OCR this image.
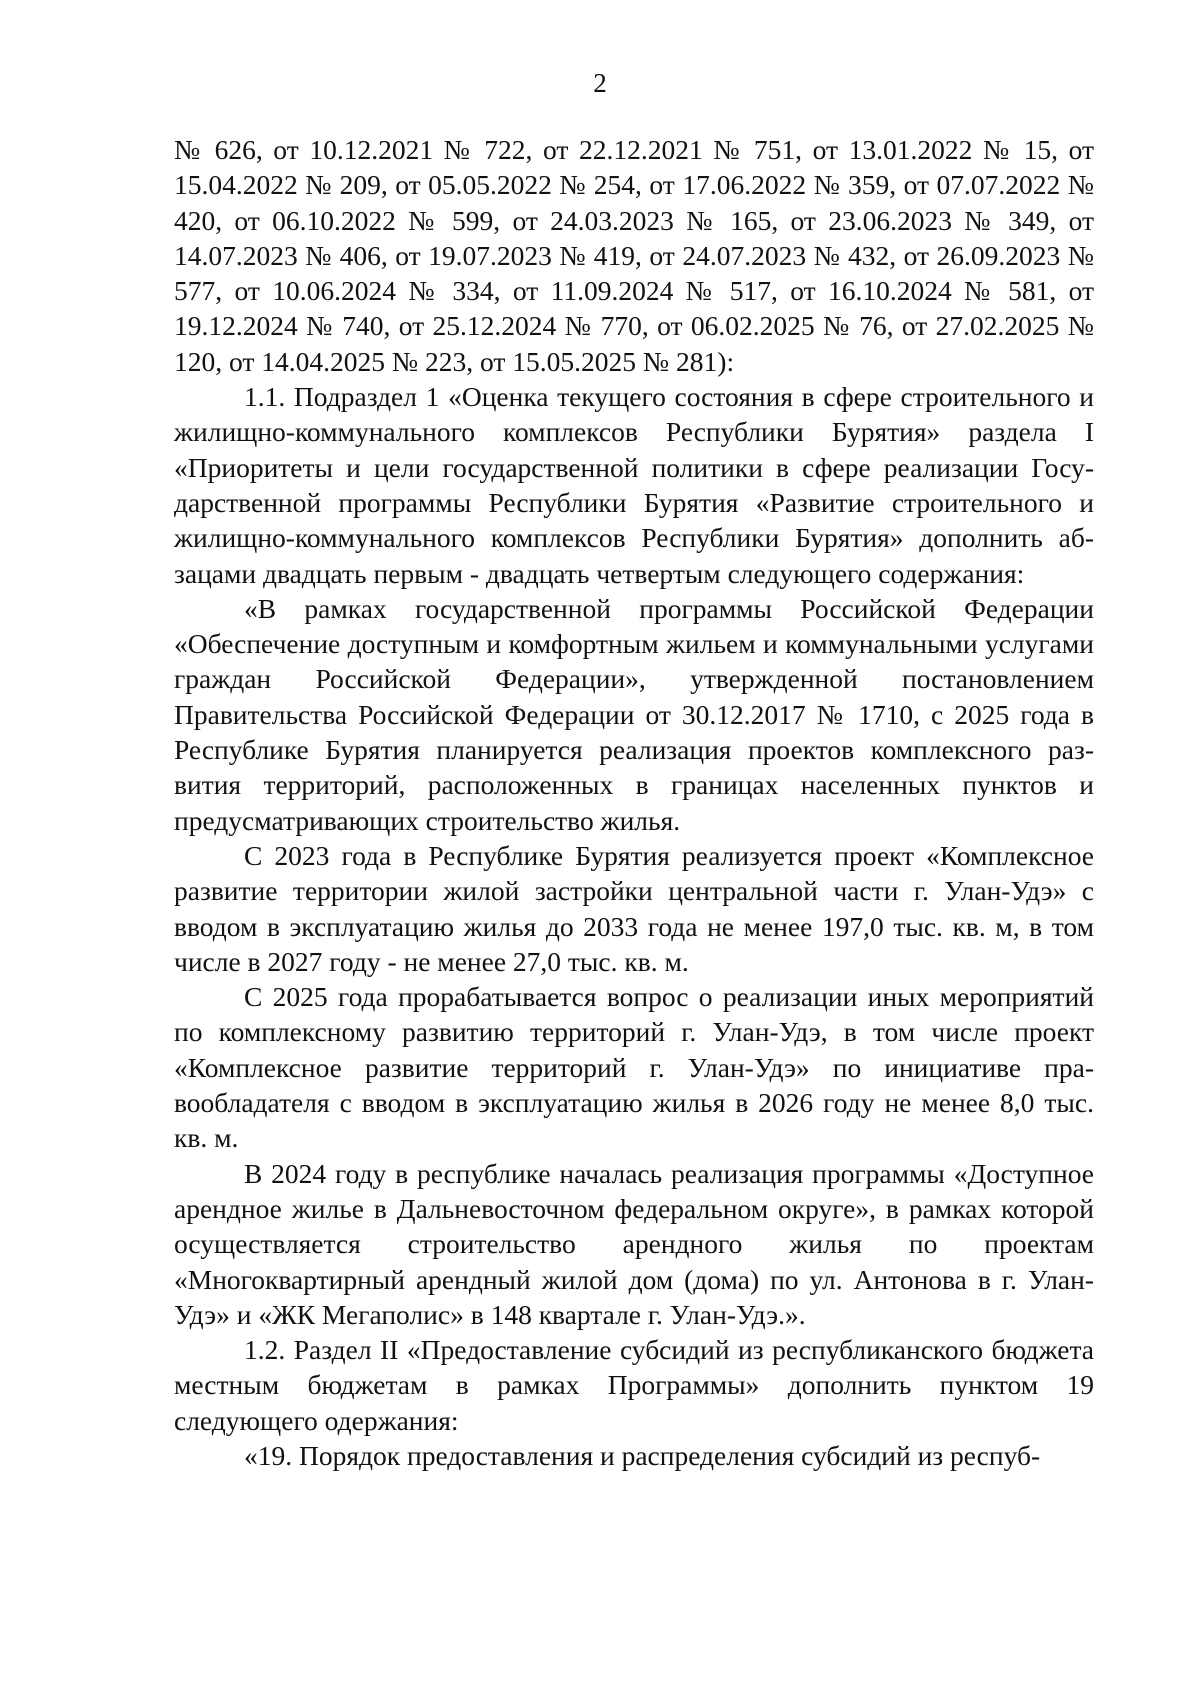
2

№ 626, от 10.12.2021 № 722, от 22.12.2021 № 751, от 13.01.2022 № 15, от 15.04.2022 № 209, от 05.05.2022 № 254, от 17.06.2022 № 359, от 07.07.2022 № 420, от 06.10.2022 № 599, от 24.03.2023 № 165, от 23.06.2023 № 349, от 14.07.2023 № 406, от 19.07.2023 № 419, от 24.07.2023 № 432, от 26.09.2023 № 577, от 10.06.2024 № 334, от 11.09.2024 № 517, от 16.10.2024 № 581, от 19.12.2024 № 740, от 25.12.2024 № 770, от 06.02.2025 № 76, от 27.02.2025 № 120, от 14.04.2025 № 223, от 15.05.2025 № 281):

1.1. Подраздел 1 «Оценка текущего состояния в сфере строительного и жилищно-коммунального комплексов Республики Бурятия» раздела I «Приоритеты и цели государственной политики в сфере реализации Государственной программы Республики Бурятия «Развитие строительного и жилищно-коммунального комплексов Республики Бурятия» дополнить абзацами двадцать первым - двадцать четвертым следующего содержания:

«В рамках государственной программы Российской Федерации «Обеспечение доступным и комфортным жильем и коммунальными услугами граждан Российской Федерации», утвержденной постановлением Правительства Российской Федерации от 30.12.2017 № 1710, с 2025 года в Республике Бурятия планируется реализация проектов комплексного развития территорий, расположенных в границах населенных пунктов и предусматривающих строительство жилья.

С 2023 года в Республике Бурятия реализуется проект «Комплексное развитие территории жилой застройки центральной части г. Улан-Удэ» с вводом в эксплуатацию жилья до 2033 года не менее 197,0 тыс. кв. м, в том числе в 2027 году - не менее 27,0 тыс. кв. м.

С 2025 года прорабатывается вопрос о реализации иных мероприятий по комплексному развитию территорий г. Улан-Удэ, в том числе проект «Комплексное развитие территорий г. Улан-Удэ» по инициативе правообладателя с вводом в эксплуатацию жилья в 2026 году не менее 8,0 тыс. кв. м.

В 2024 году в республике началась реализация программы «Доступное арендное жилье в Дальневосточном федеральном округе», в рамках которой осуществляется строительство арендного жилья по проектам «Многоквартирный арендный жилой дом (дома) по ул. Антонова в г. Улан-Удэ» и «ЖК Мегаполис» в 148 квартале г. Улан-Удэ.».

1.2. Раздел II «Предоставление субсидий из республиканского бюджета местным бюджетам в рамках Программы» дополнить пунктом 19 следующего одержания:

«19. Порядок предоставления и распределения субсидий из респуб-
